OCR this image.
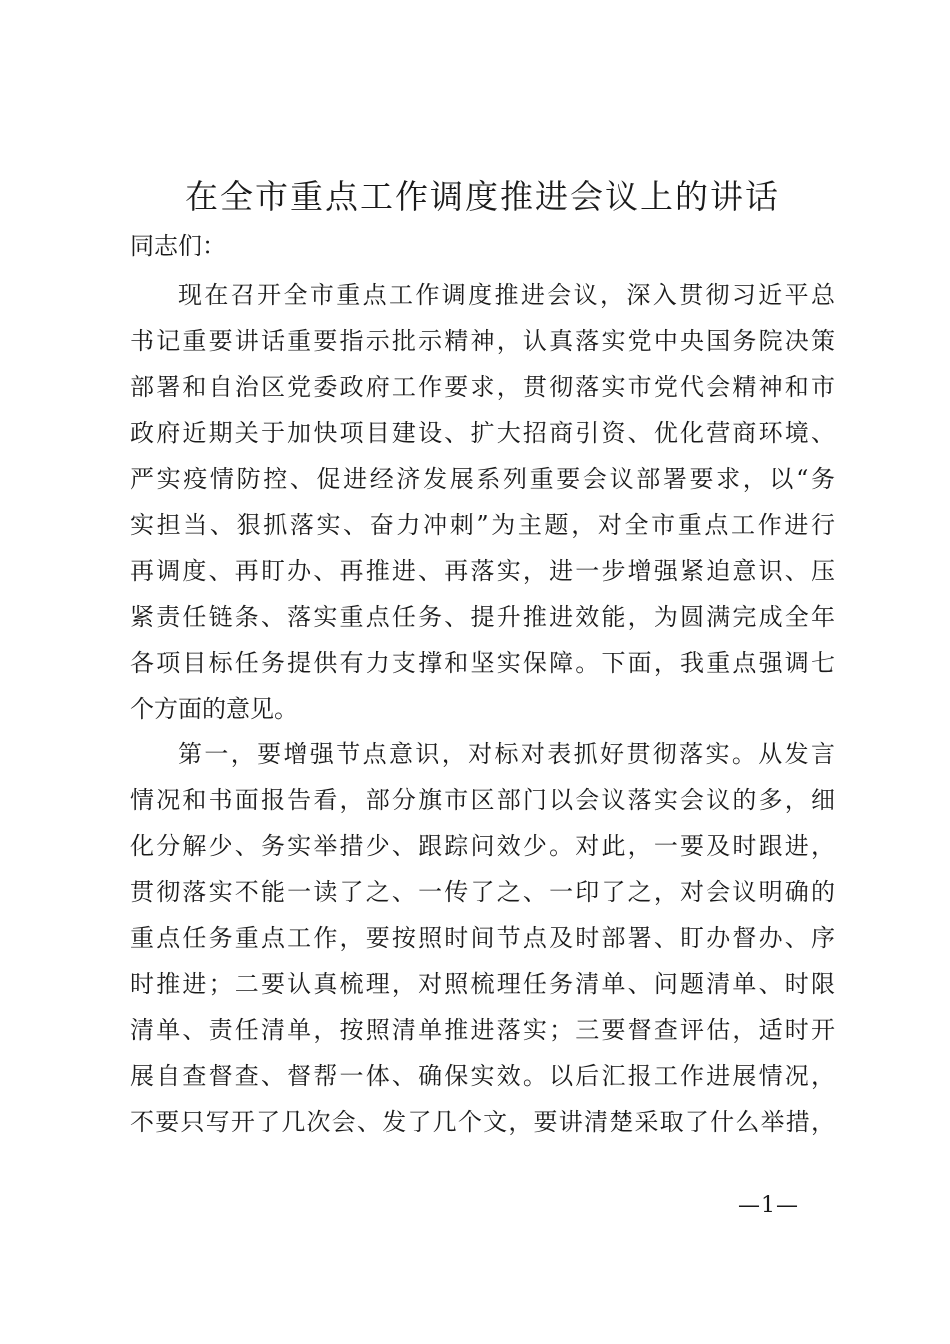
在全市重点工作调度推进会议上的讲话
同志们：
现在召开全市重点工作调度推进会议，深入贯彻习近平总
书记重要讲话重要指示批示精神，认真落实党中央国务院决策
部署和自治区党委政府工作要求，贯彻落实市党代会精神和市
政府近期关于加快项目建设、扩大招商引资、优化营商环境、
严实疫情防控、促进经济发展系列重要会议部署要求，以“务
实担当、狠抓落实、奋力冲刺”为主题，对全市重点工作进行
再调度、再盯办、再推进、再落实，进一步增强紧迫意识、压
紧责任链条、落实重点任务、提升推进效能，为圆满完成全年
各项目标任务提供有力支撑和坚实保障。下面，我重点强调七
个方面的意见。
第一，要增强节点意识，对标对表抓好贯彻落实。从发言
情况和书面报告看，部分旗市区部门以会议落实会议的多，细
化分解少、务实举措少、跟踪问效少。对此，一要及时跟进，
贯彻落实不能一读了之、一传了之、一印了之，对会议明确的
重点任务重点工作，要按照时间节点及时部署、盯办督办、序
时推进；二要认真梳理，对照梳理任务清单、问题清单、时限
清单、责任清单，按照清单推进落实；三要督查评估，适时开
展自查督查、督帮一体、确保实效。以后汇报工作进展情况，
不要只写开了几次会、发了几个文，要讲清楚采取了什么举措，
—1—
